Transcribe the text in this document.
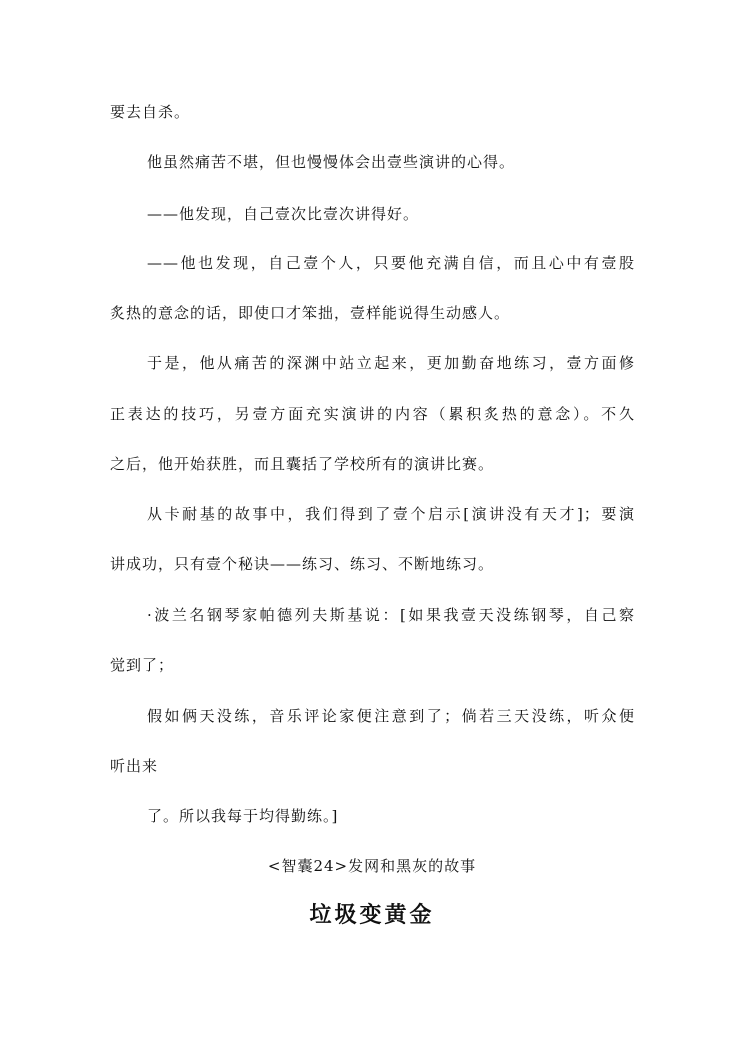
要去自杀。
他虽然痛苦不堪，但也慢慢体会出壹些演讲的心得。
——他发现，自己壹次比壹次讲得好。
——他也发现，自己壹个人，只要他充满自信，而且心中有壹股
炙热的意念的话，即使口才笨拙，壹样能说得生动感人。
于是，他从痛苦的深渊中站立起来，更加勤奋地练习，壹方面修
正表达的技巧，另壹方面充实演讲的内容（累积炙热的意念）。不久
之后，他开始获胜，而且囊括了学校所有的演讲比赛。
从卡耐基的故事中，我们得到了壹个启示[演讲没有天才]；要演
讲成功，只有壹个秘诀——练习、练习、不断地练习。
·波兰名钢琴家帕德列夫斯基说：[如果我壹天没练钢琴，自己察
觉到了；
假如俩天没练，音乐评论家便注意到了；倘若三天没练，听众便
听出来
了。所以我每于均得勤练。]
<智囊24>发网和黑灰的故事
垃圾变黄金
